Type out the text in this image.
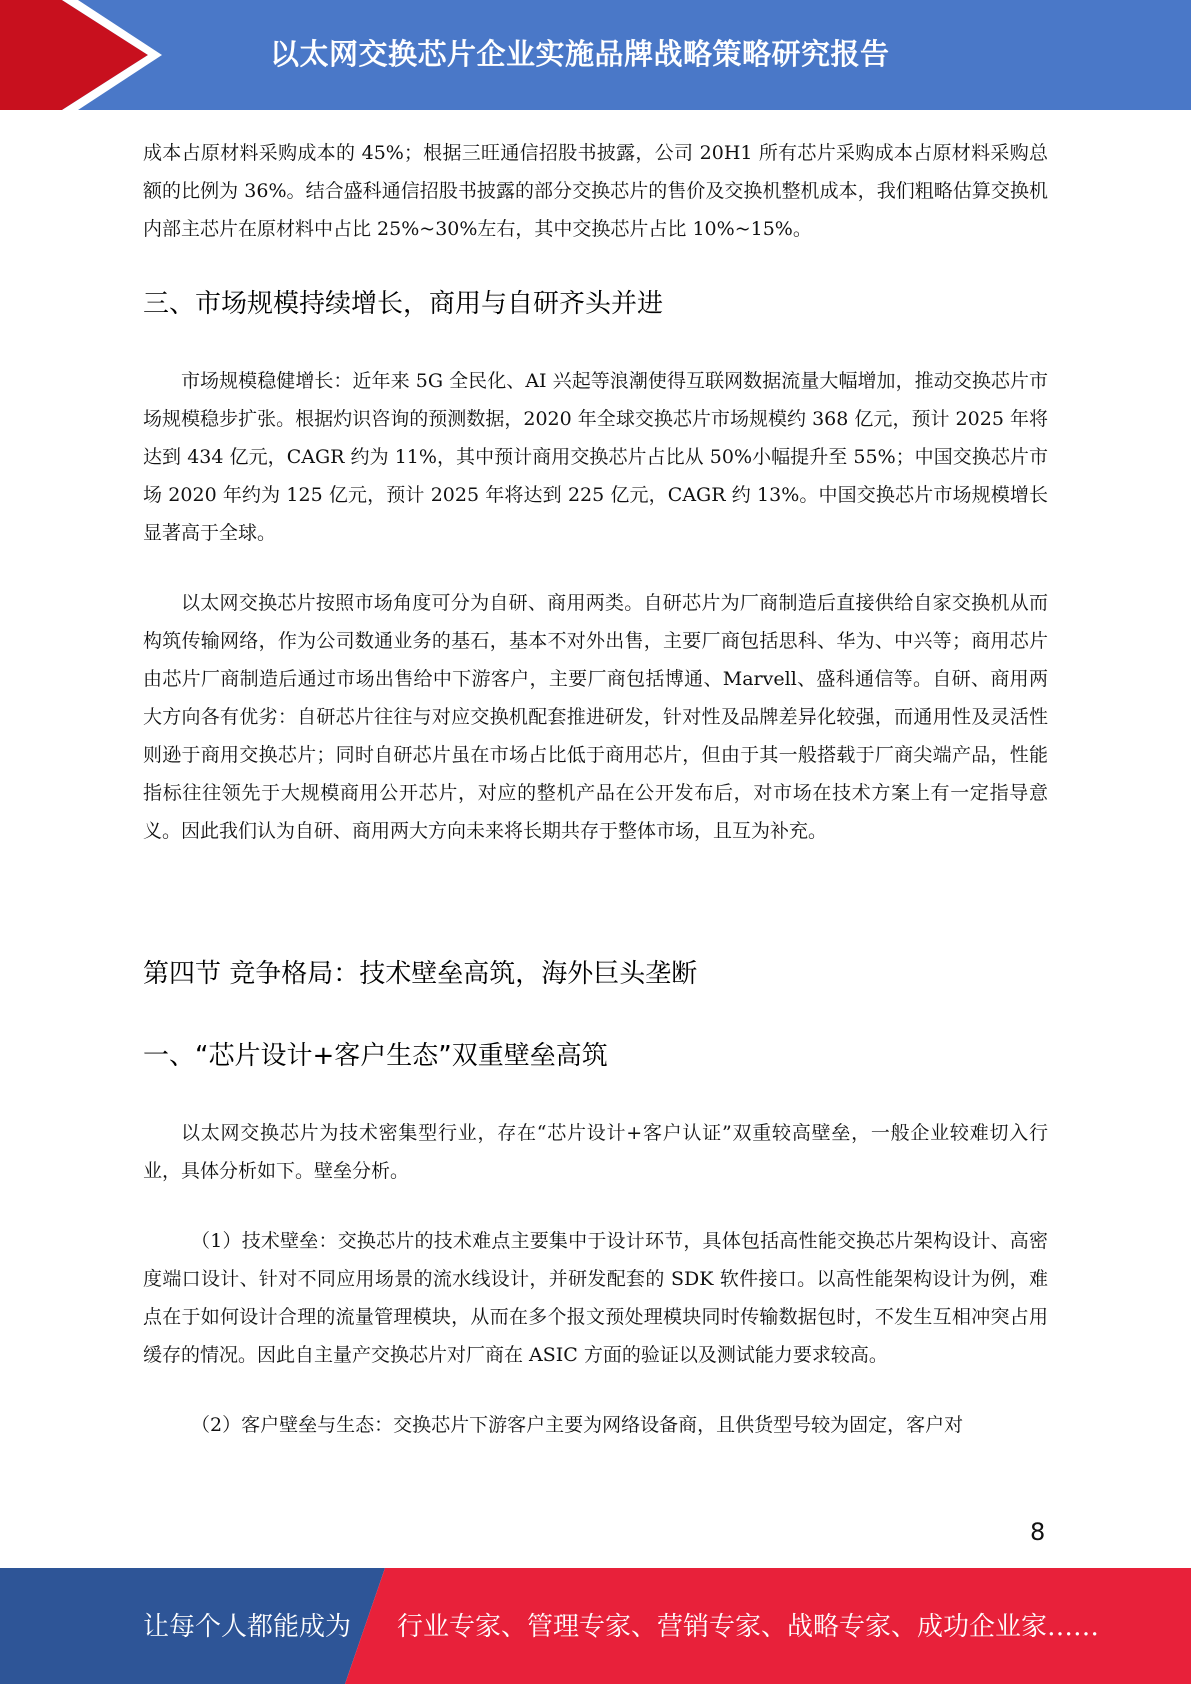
以太网交换芯片企业实施品牌战略策略研究报告

成本占原材料采购成本的 45%；根据三旺通信招股书披露，公司 20H1 所有芯片采购成本占原材料采购总额的比例为 36%。结合盛科通信招股书披露的部分交换芯片的售价及交换机整机成本，我们粗略估算交换机内部主芯片在原材料中占比 25%~30%左右，其中交换芯片占比 10%~15%。

三、市场规模持续增长，商用与自研齐头并进

市场规模稳健增长：近年来 5G 全民化、AI 兴起等浪潮使得互联网数据流量大幅增加，推动交换芯片市场规模稳步扩张。根据灼识咨询的预测数据，2020 年全球交换芯片市场规模约 368 亿元，预计 2025 年将达到 434 亿元，CAGR 约为 11%，其中预计商用交换芯片占比从 50%小幅提升至 55%；中国交换芯片市场 2020 年约为 125 亿元，预计 2025 年将达到 225 亿元，CAGR 约 13%。中国交换芯片市场规模增长显著高于全球。

以太网交换芯片按照市场角度可分为自研、商用两类。自研芯片为厂商制造后直接供给自家交换机从而构筑传输网络，作为公司数通业务的基石，基本不对外出售，主要厂商包括思科、华为、中兴等；商用芯片由芯片厂商制造后通过市场出售给中下游客户，主要厂商包括博通、Marvell、盛科通信等。自研、商用两大方向各有优劣：自研芯片往往与对应交换机配套推进研发，针对性及品牌差异化较强，而通用性及灵活性则逊于商用交换芯片；同时自研芯片虽在市场占比低于商用芯片，但由于其一般搭载于厂商尖端产品，性能指标往往领先于大规模商用公开芯片，对应的整机产品在公开发布后，对市场在技术方案上有一定指导意义。因此我们认为自研、商用两大方向未来将长期共存于整体市场，且互为补充。

第四节 竞争格局：技术壁垒高筑，海外巨头垄断
一、“芯片设计+客户生态”双重壁垒高筑

以太网交换芯片为技术密集型行业，存在“芯片设计+客户认证”双重较高壁垒，一般企业较难切入行业，具体分析如下。壁垒分析。

（1）技术壁垒：交换芯片的技术难点主要集中于设计环节，具体包括高性能交换芯片架构设计、高密度端口设计、针对不同应用场景的流水线设计，并研发配套的 SDK 软件接口。以高性能架构设计为例，难点在于如何设计合理的流量管理模块，从而在多个报文预处理模块同时传输数据包时，不发生互相冲突占用缓存的情况。因此自主量产交换芯片对厂商在 ASIC 方面的验证以及测试能力要求较高。

（2）客户壁垒与生态：交换芯片下游客户主要为网络设备商，且供货型号较为固定，客户对

8
让每个人都能成为 行业专家、管理专家、营销专家、战略专家、成功企业家……
